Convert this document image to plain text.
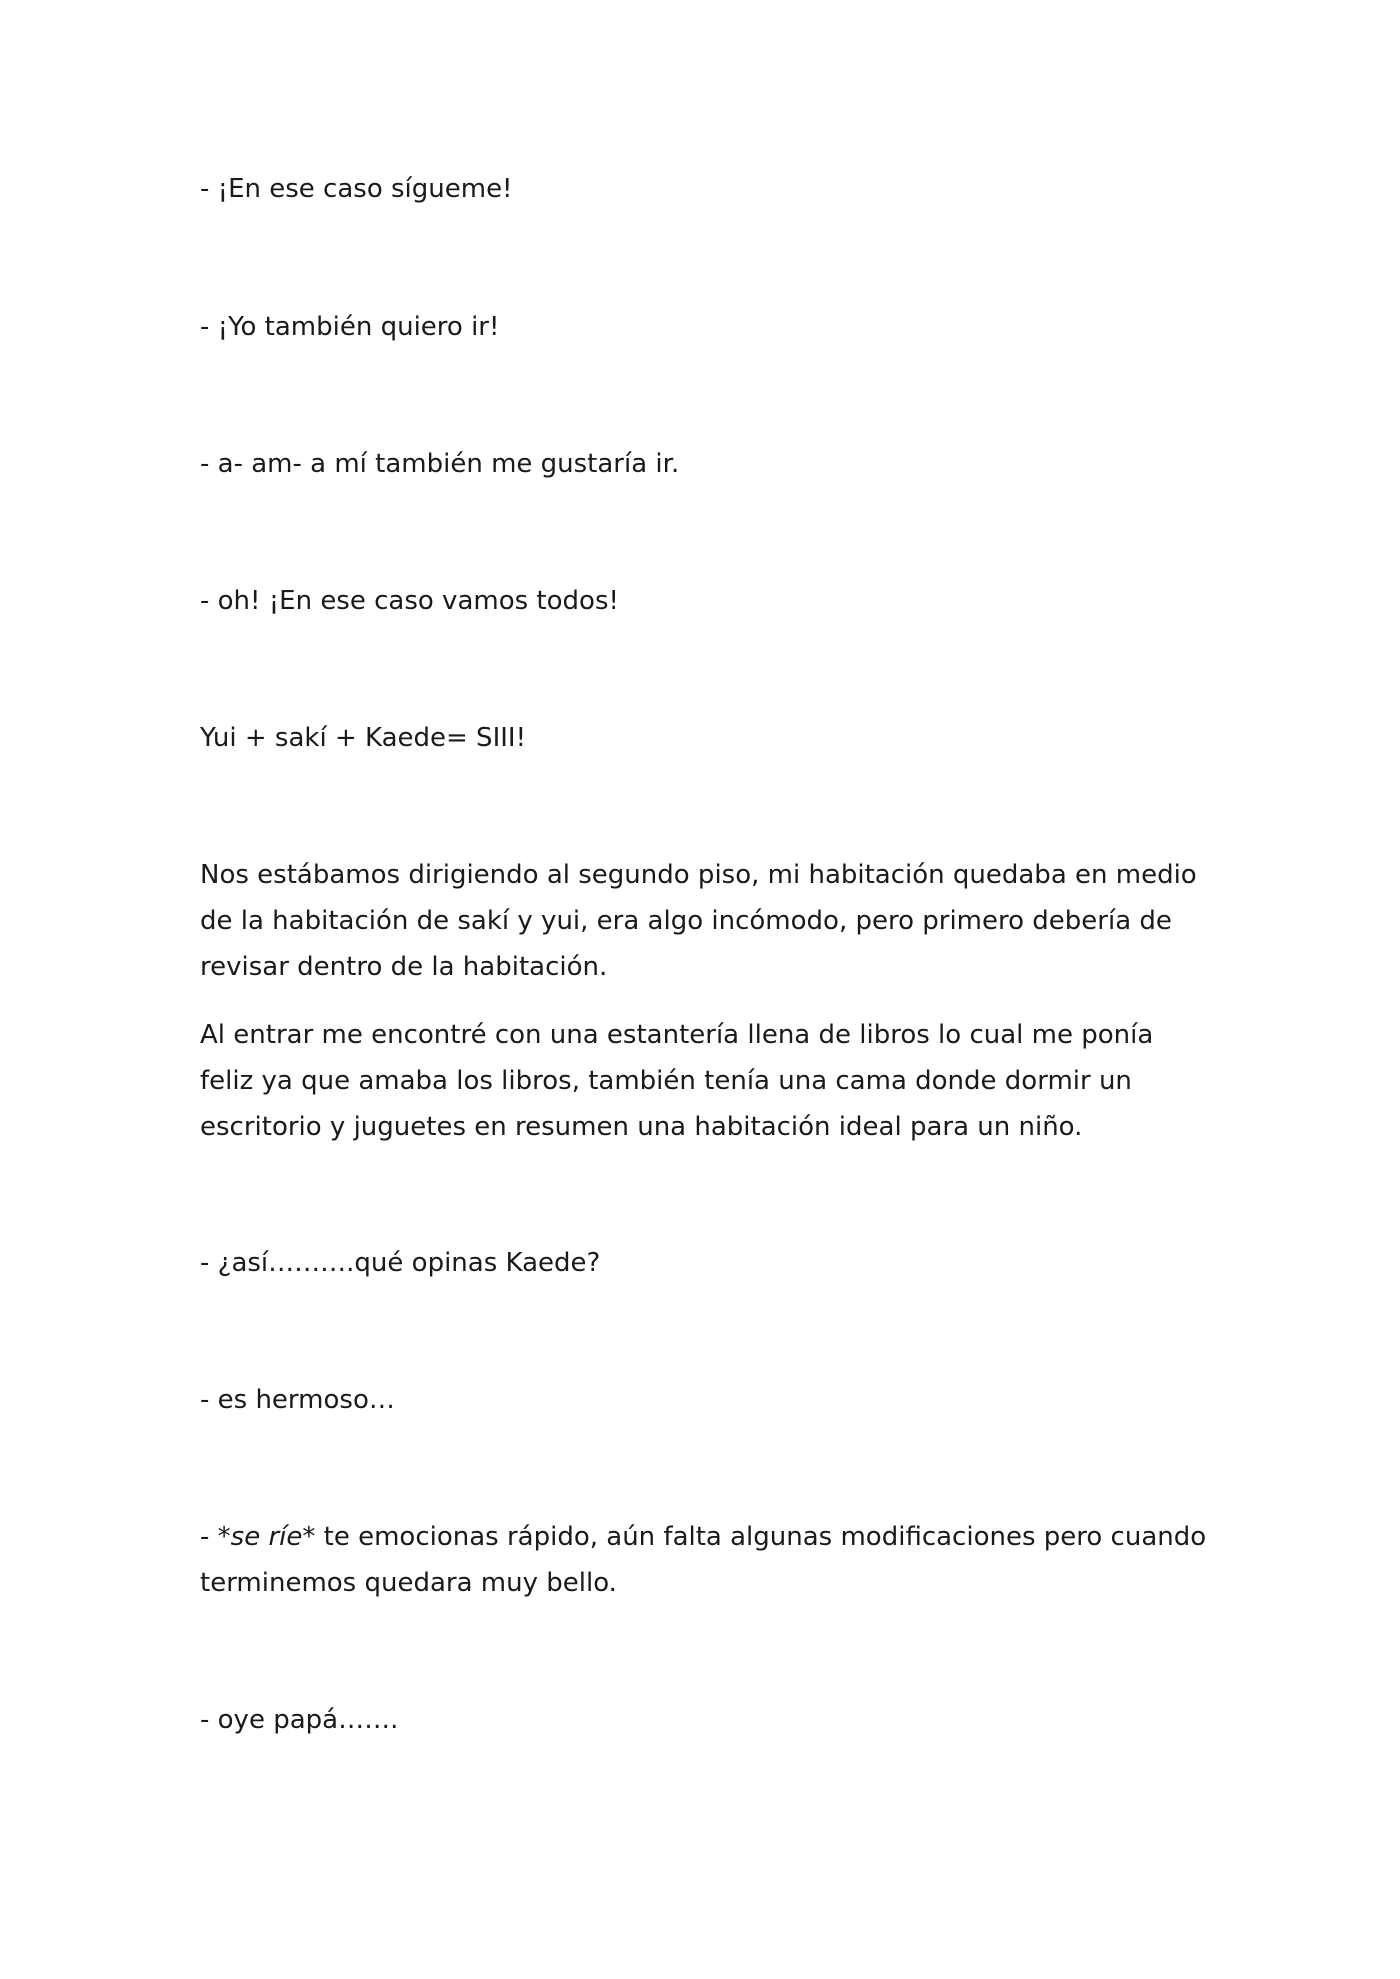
- ¡En ese caso sígueme!

- ¡Yo también quiero ir!

- a- am- a mí también me gustaría ir.

- oh! ¡En ese caso vamos todos!

Yui + sakí + Kaede= SIII!

Nos estábamos dirigiendo al segundo piso, mi habitación quedaba en medio de la habitación de sakí y yui, era algo incómodo, pero primero debería de revisar dentro de la habitación.

Al entrar me encontré con una estantería llena de libros lo cual me ponía feliz ya que amaba los libros, también tenía una cama donde dormir un escritorio y juguetes en resumen una habitación ideal para un niño.

- ¿así……….qué opinas Kaede?

- es hermoso…

- *se ríe* te emocionas rápido, aún falta algunas modificaciones pero cuando terminemos quedara muy bello.

- oye papá…….
